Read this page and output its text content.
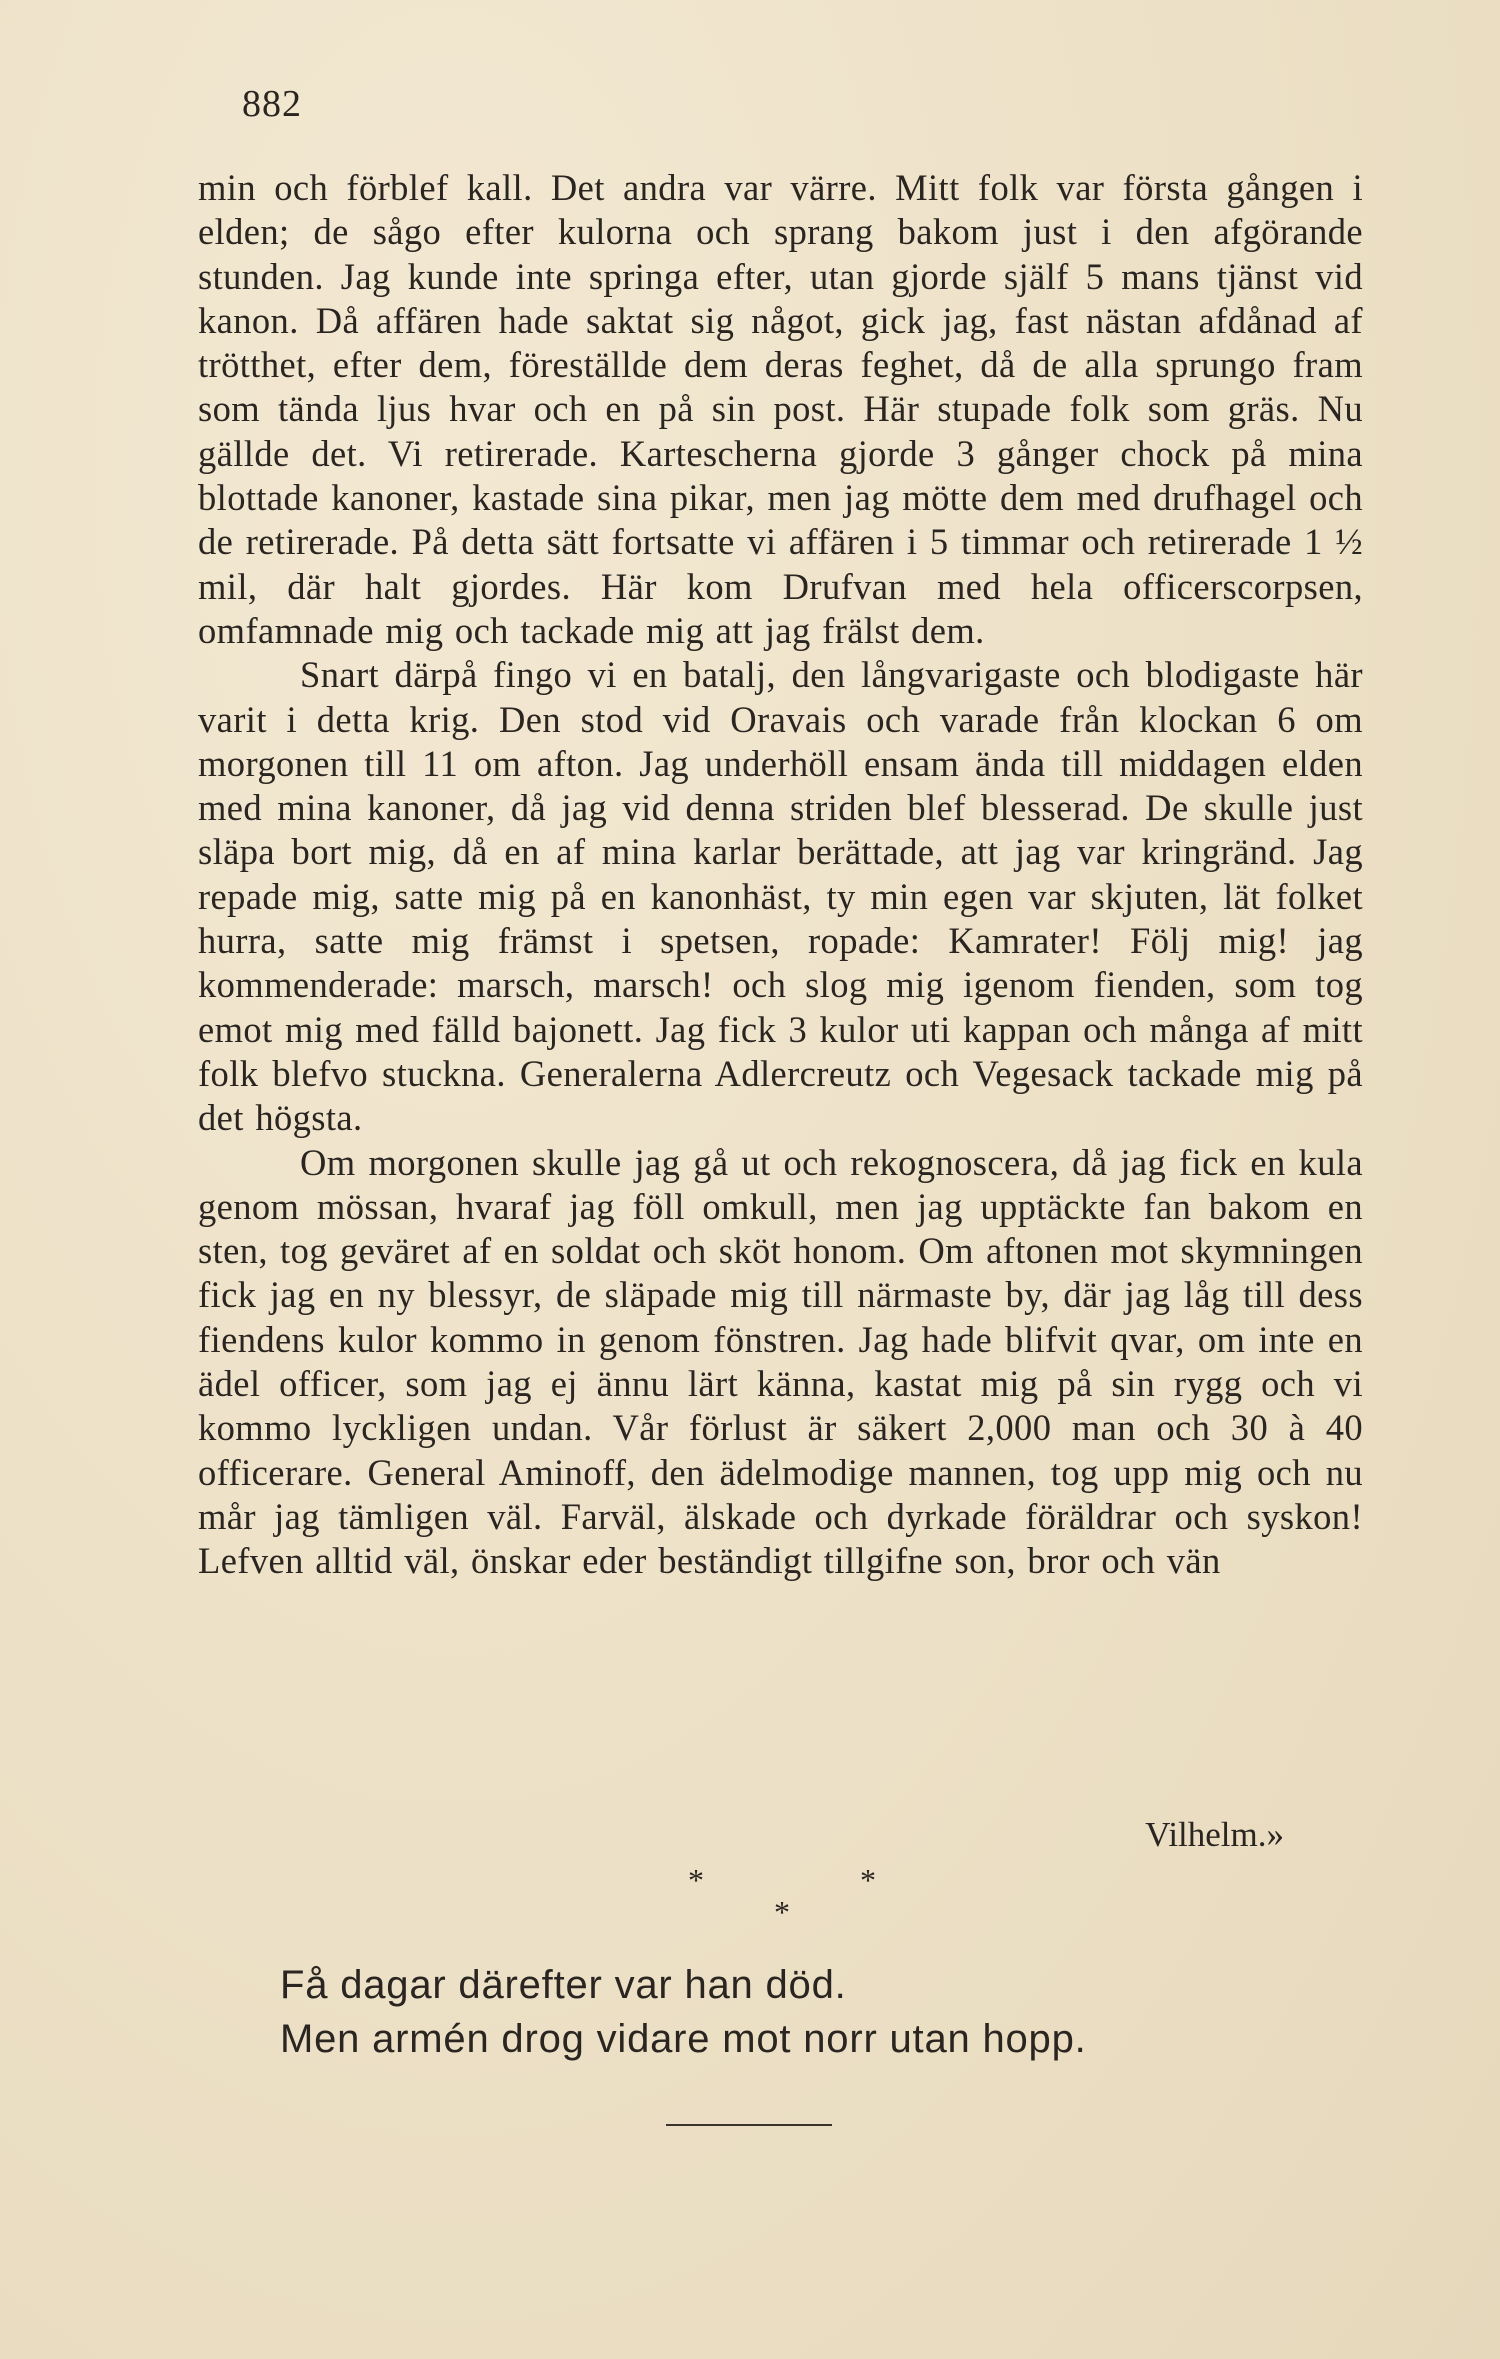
882

min och förblef kall. Det andra var värre. Mitt folk var första gången i elden; de sågo efter kulorna och sprang bakom just i den afgörande stunden. Jag kunde inte springa efter, utan gjorde själf 5 mans tjänst vid kanon. Då affären hade saktat sig något, gick jag, fast nästan afdånad af trötthet, efter dem, föreställde dem deras feghet, då de alla sprungo fram som tända ljus hvar och en på sin post. Här stupade folk som gräs. Nu gällde det. Vi retirerade. Kartescherna gjorde 3 gånger chock på mina blottade kanoner, kastade sina pikar, men jag mötte dem med drufhagel och de retirerade. På detta sätt fortsatte vi affären i 5 timmar och retirerade 1 ½ mil, där halt gjordes. Här kom Drufvan med hela officerscorpsen, omfamnade mig och tackade mig att jag frälst dem.

Snart därpå fingo vi en batalj, den långvarigaste och blodigaste här varit i detta krig. Den stod vid Oravais och varade från klockan 6 om morgonen till 11 om afton. Jag underhöll ensam ända till middagen elden med mina kanoner, då jag vid denna striden blef blesserad. De skulle just släpa bort mig, då en af mina karlar berättade, att jag var kringränd. Jag repade mig, satte mig på en kanonhäst, ty min egen var skjuten, lät folket hurra, satte mig främst i spetsen, ropade: Kamrater! Följ mig! jag kommenderade: marsch, marsch! och slog mig igenom fienden, som tog emot mig med fälld bajonett. Jag fick 3 kulor uti kappan och många af mitt folk blefvo stuckna. Generalerna Adlercreutz och Vegesack tackade mig på det högsta.

Om morgonen skulle jag gå ut och rekognoscera, då jag fick en kula genom mössan, hvaraf jag föll omkull, men jag upptäckte fan bakom en sten, tog geväret af en soldat och sköt honom. Om aftonen mot skymningen fick jag en ny blessyr, de släpade mig till närmaste by, där jag låg till dess fiendens kulor kommo in genom fönstren. Jag hade blifvit qvar, om inte en ädel officer, som jag ej ännu lärt känna, kastat mig på sin rygg och vi kommo lyckligen undan. Vår förlust är säkert 2,000 man och 30 à 40 officerare. General Aminoff, den ädelmodige mannen, tog upp mig och nu mår jag tämligen väl. Farväl, älskade och dyrkade föräldrar och syskon! Lefven alltid väl, önskar eder beständigt tillgifne son, bror och vän

Vilhelm.»
*	*
*
Få dagar därefter var han död.
Men armén drog vidare mot norr utan hopp.
